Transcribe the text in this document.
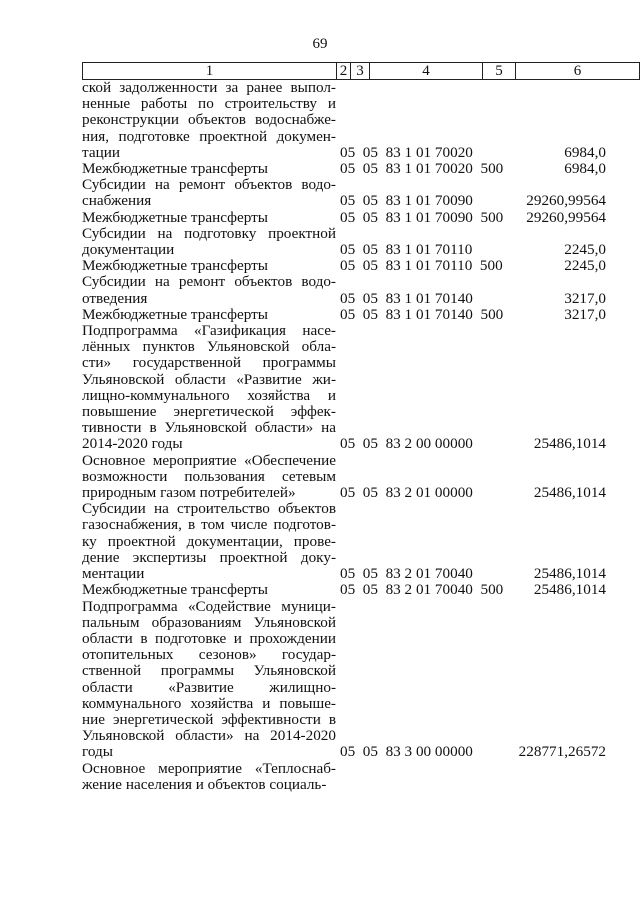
69
1	2	3	4	5	6
ской задолженности за ранее выпол-
ненные работы по строительству и
реконструкции объектов водоснабже-
ния, подготовке проектной докумен-
тации	05  05  83 1 01 70020	6984,0
Межбюджетные трансферты	05  05  83 1 01 70020  500	6984,0
Субсидии на ремонт объектов водо-
снабжения	05  05  83 1 01 70090	29260,99564
Межбюджетные трансферты	05  05  83 1 01 70090  500	29260,99564
Субсидии на подготовку проектной
документации	05  05  83 1 01 70110	2245,0
Межбюджетные трансферты	05  05  83 1 01 70110  500	2245,0
Субсидии на ремонт объектов водо-
отведения	05  05  83 1 01 70140	3217,0
Межбюджетные трансферты	05  05  83 1 01 70140  500	3217,0
Подпрограмма «Газификация насе-
лённых пунктов Ульяновской обла-
сти» государственной программы
Ульяновской области «Развитие жи-
лищно-коммунального хозяйства и
повышение энергетической эффек-
тивности в Ульяновской области» на
2014-2020 годы	05  05  83 2 00 00000	25486,1014
Основное мероприятие «Обеспечение
возможности пользования сетевым
природным газом потребителей»	05  05  83 2 01 00000	25486,1014
Субсидии на строительство объектов
газоснабжения, в том числе подготов-
ку проектной документации, прове-
дение экспертизы проектной доку-
ментации	05  05  83 2 01 70040	25486,1014
Межбюджетные трансферты	05  05  83 2 01 70040  500	25486,1014
Подпрограмма «Содействие муници-
пальным образованиям Ульяновской
области в подготовке и прохождении
отопительных сезонов» государ-
ственной программы Ульяновской
области «Развитие жилищно-
коммунального хозяйства и повыше-
ние энергетической эффективности в
Ульяновской области» на 2014-2020
годы	05  05  83 3 00 00000	228771,26572
Основное мероприятие «Теплоснаб-
жение населения и объектов социаль-
